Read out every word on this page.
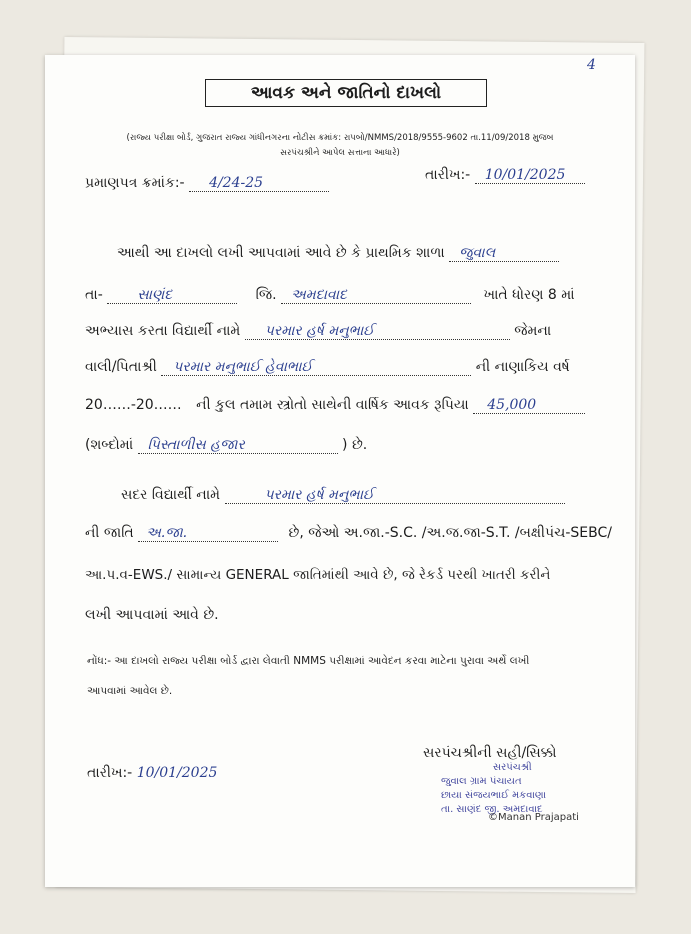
4
આવક અને જાતિનો દાખલો
(રાજ્ય પરીક્ષા બોર્ડ, ગુજરાત રાજ્ય ગાંધીનગરના નોટીસ ક્રમાંક: રાપબો/NMMS/2018/9555-9602 તા.11/09/2018 મુજબ
સરપંચશ્રીને આપેલ સત્તાના આધારે)
પ્રમાણપત્ર ક્રમાંક:- 4/24-25	તારીખ:- 10/01/2025
આથી આ દાખલો લખી આપવામાં આવે છે કે પ્રાથમિક શાળા જુવાલ
તા- સાણંદ	જિ. અમદાવાદ	ખાતે ધોરણ 8 માં
અભ્યાસ કરતા વિદ્યાર્થી નામે પરમાર હર્ષ મનુભાઈ	જેમના
વાલી/પિતાશ્રી પરમાર મનુભાઈ હેવાભાઈ	ની નાણાકિય વર્ષ
20……-20…… ની કુલ તમામ સ્ત્રોતો સાથેની વાર્ષિક આવક રૂપિયા 45,000
(શબ્દોમાં પિસ્તાળીસ હજાર	) છે.
સદર વિદ્યાર્થી નામે	પરમાર હર્ષ મનુભાઈ
ની જાતિ અ.જા.	છે, જેઓ અ.જા.-S.C. /અ.જ.જા-S.T. /બક્ષીપંચ-SEBC/
આ.પ.વ-EWS./ સામાન્ય GENERAL જાતિમાંથી આવે છે, જે રેકર્ડ પરથી ખાતરી કરીને
લખી આપવામાં આવે છે.
નોંધ:- આ દાખલો રાજ્ય પરીક્ષા બોર્ડ દ્વારા લેવાતી NMMS પરીક્ષામાં આવેદન કરવા માટેના પુરાવા અર્થે લખી
આપવામાં આવેલ છે.
તારીખ:- 10/01/2025
સરપંચશ્રીની સહી/સિક્કો
સરપંચશ્રી
જુવાલ ગ્રામ પંચાયત
છાયા સંજયભાઈ મકવાણા
તા. સાણંદ જી. અમદાવાદ
©Manan Prajapati
